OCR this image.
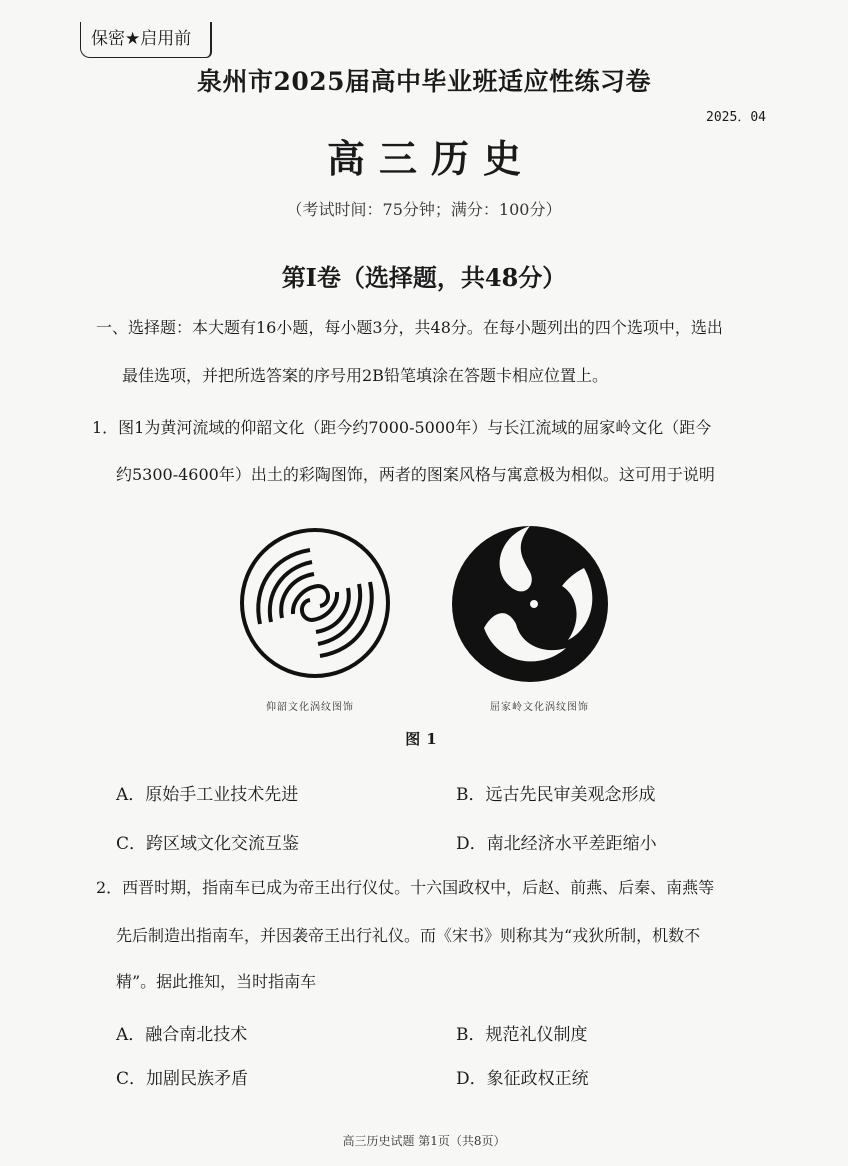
保密★启用前
泉州市2025届高中毕业班适应性练习卷
2025．04
高三历史
（考试时间：75分钟；满分：100分）
第Ⅰ卷（选择题，共48分）
一、选择题：本大题有16小题，每小题3分，共48分。在每小题列出的四个选项中，选出
最佳选项，并把所选答案的序号用2B铅笔填涂在答题卡相应位置上。
1．图1为黄河流域的仰韶文化（距今约7000-5000年）与长江流域的屈家岭文化（距今
约5300-4600年）出土的彩陶图饰，两者的图案风格与寓意极为相似。这可用于说明
仰韶文化涡纹图饰	屈家岭文化涡纹图饰
图1
A．原始手工业技术先进	B．远古先民审美观念形成
C．跨区域文化交流互鉴	D．南北经济水平差距缩小
2．西晋时期，指南车已成为帝王出行仪仗。十六国政权中，后赵、前燕、后秦、南燕等
先后制造出指南车，并因袭帝王出行礼仪。而《宋书》则称其为“戎狄所制，机数不
精”。据此推知，当时指南车
A．融合南北技术	B．规范礼仪制度
C．加剧民族矛盾	D．象征政权正统
高三历史试题 第1页（共8页）
